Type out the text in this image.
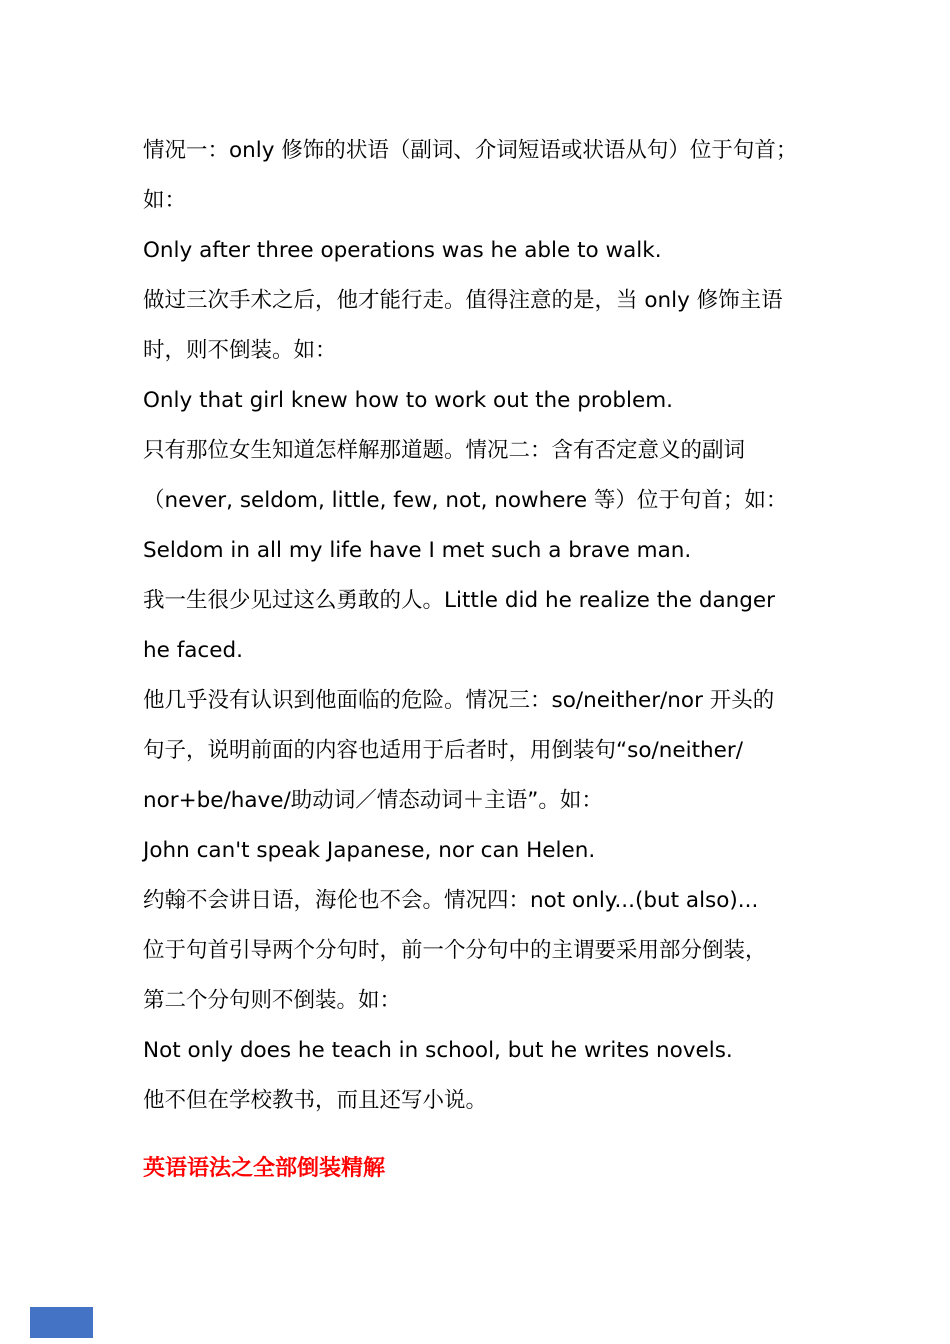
情况一：only 修饰的状语（副词、介词短语或状语从句）位于句首；
如：
Only after three operations was he able to walk.
做过三次手术之后，他才能行走。值得注意的是，当 only 修饰主语
时，则不倒装。如：
Only that girl knew how to work out the problem.
只有那位女生知道怎样解那道题。情况二：含有否定意义的副词
（never, seldom, little, few, not, nowhere 等）位于句首；如：
Seldom in all my life have I met such a brave man.
我一生很少见过这么勇敢的人。Little did he realize the danger
he faced.
他几乎没有认识到他面临的危险。情况三：so/neither/nor 开头的
句子，说明前面的内容也适用于后者时，用倒装句“so/neither/
nor+be/have/助动词／情态动词＋主语”。如：
John can't speak Japanese, nor can Helen.
约翰不会讲日语，海伦也不会。情况四：not only...(but also)...
位于句首引导两个分句时，前一个分句中的主谓要采用部分倒装，
第二个分句则不倒装。如：
Not only does he teach in school, but he writes novels.
他不但在学校教书，而且还写小说。
英语语法之全部倒装精解
